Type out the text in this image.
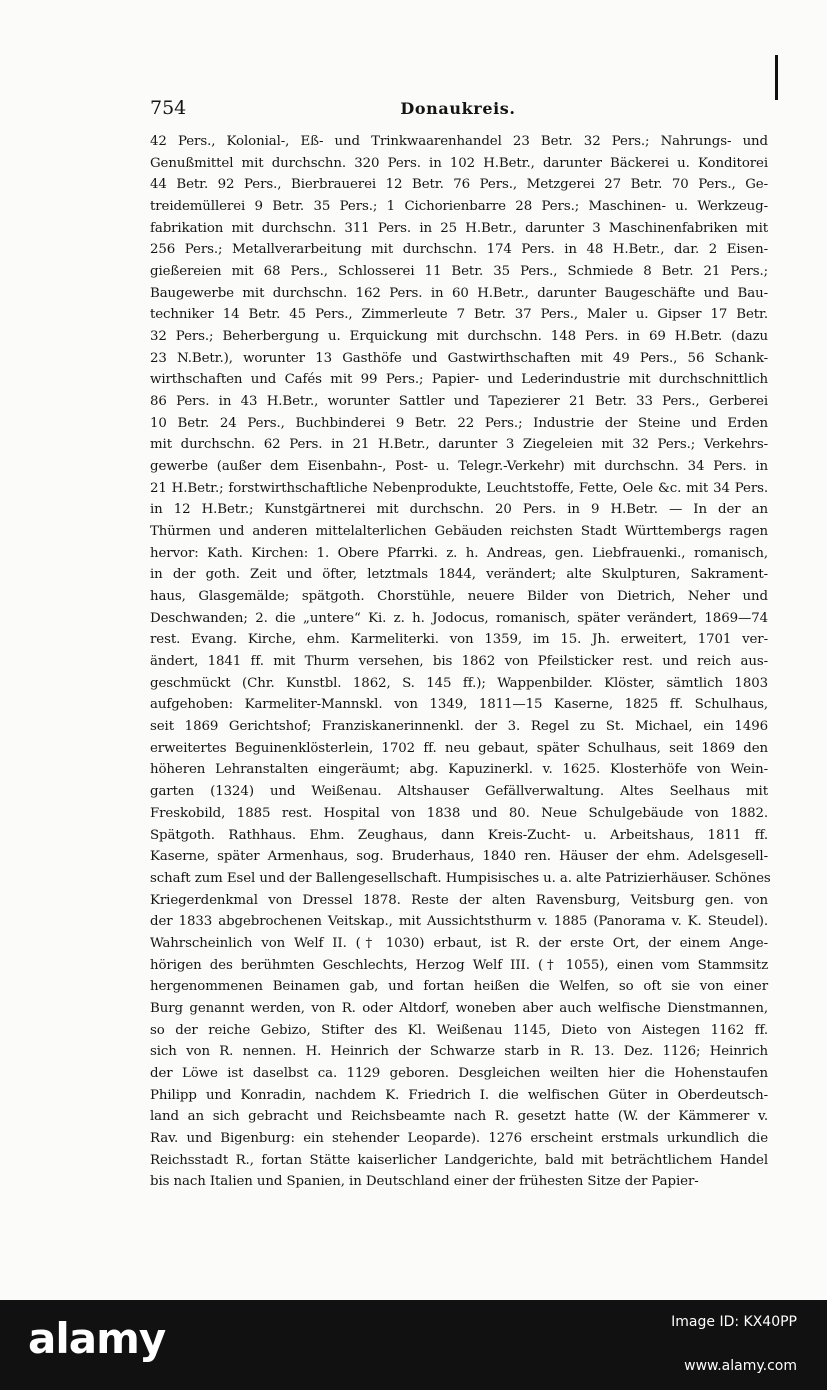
754	Donaukreis.
42 Pers., Kolonial-, Eß- und Trinkwaarenhandel 23 Betr. 32 Pers.; Nahrungs- und
Genußmittel mit durchschn. 320 Pers. in 102 H.Betr., darunter Bäckerei u. Konditorei
44 Betr. 92 Pers., Bierbrauerei 12 Betr. 76 Pers., Metzgerei 27 Betr. 70 Pers., Ge-
treidemüllerei 9 Betr. 35 Pers.; 1 Cichorienbarre 28 Pers.; Maschinen- u. Werkzeug-
fabrikation mit durchschn. 311 Pers. in 25 H.Betr., darunter 3 Maschinenfabriken mit
256 Pers.; Metallverarbeitung mit durchschn. 174 Pers. in 48 H.Betr., dar. 2 Eisen-
gießereien mit 68 Pers., Schlosserei 11 Betr. 35 Pers., Schmiede 8 Betr. 21 Pers.;
Baugewerbe mit durchschn. 162 Pers. in 60 H.Betr., darunter Baugeschäfte und Bau-
techniker 14 Betr. 45 Pers., Zimmerleute 7 Betr. 37 Pers., Maler u. Gipser 17 Betr.
32 Pers.; Beherbergung u. Erquickung mit durchschn. 148 Pers. in 69 H.Betr. (dazu
23 N.Betr.), worunter 13 Gasthöfe und Gastwirthschaften mit 49 Pers., 56 Schank-
wirthschaften und Cafés mit 99 Pers.; Papier- und Lederindustrie mit durchschnittlich
86 Pers. in 43 H.Betr., worunter Sattler und Tapezierer 21 Betr. 33 Pers., Gerberei
10 Betr. 24 Pers., Buchbinderei 9 Betr. 22 Pers.; Industrie der Steine und Erden
mit durchschn. 62 Pers. in 21 H.Betr., darunter 3 Ziegeleien mit 32 Pers.; Verkehrs-
gewerbe (außer dem Eisenbahn-, Post- u. Telegr.-Verkehr) mit durchschn. 34 Pers. in
21 H.Betr.; forstwirthschaftliche Nebenprodukte, Leuchtstoffe, Fette, Oele &c. mit 34 Pers.
in 12 H.Betr.; Kunstgärtnerei mit durchschn. 20 Pers. in 9 H.Betr. — In der an
Thürmen und anderen mittelalterlichen Gebäuden reichsten Stadt Württembergs ragen
hervor: Kath. Kirchen: 1. Obere Pfarrki. z. h. Andreas, gen. Liebfrauenki., romanisch,
in der goth. Zeit und öfter, letztmals 1844, verändert; alte Skulpturen, Sakrament-
haus, Glasgemälde; spätgoth. Chorstühle, neuere Bilder von Dietrich, Neher und
Deschwanden; 2. die „untere“ Ki. z. h. Jodocus, romanisch, später verändert, 1869—74
rest. Evang. Kirche, ehm. Karmeliterki. von 1359, im 15. Jh. erweitert, 1701 ver-
ändert, 1841 ff. mit Thurm versehen, bis 1862 von Pfeilsticker rest. und reich aus-
geschmückt (Chr. Kunstbl. 1862, S. 145 ff.); Wappenbilder. Klöster, sämtlich 1803
aufgehoben: Karmeliter-Mannskl. von 1349, 1811—15 Kaserne, 1825 ff. Schulhaus,
seit 1869 Gerichtshof; Franziskanerinnenkl. der 3. Regel zu St. Michael, ein 1496
erweitertes Beguinenklösterlein, 1702 ff. neu gebaut, später Schulhaus, seit 1869 den
höheren Lehranstalten eingeräumt; abg. Kapuzinerkl. v. 1625. Klosterhöfe von Wein-
garten (1324) und Weißenau. Altshauser Gefällverwaltung. Altes Seelhaus mit
Freskobild, 1885 rest. Hospital von 1838 und 80. Neue Schulgebäude von 1882.
Spätgoth. Rathhaus. Ehm. Zeughaus, dann Kreis-Zucht- u. Arbeitshaus, 1811 ff.
Kaserne, später Armenhaus, sog. Bruderhaus, 1840 ren. Häuser der ehm. Adelsgesell-
schaft zum Esel und der Ballengesellschaft. Humpisisches u. a. alte Patrizierhäuser. Schönes
Kriegerdenkmal von Dressel 1878. Reste der alten Ravensburg, Veitsburg gen. von
der 1833 abgebrochenen Veitskap., mit Aussichtsthurm v. 1885 (Panorama v. K. Steudel).
Wahrscheinlich von Welf II. († 1030) erbaut, ist R. der erste Ort, der einem Ange-
hörigen des berühmten Geschlechts, Herzog Welf III. († 1055), einen vom Stammsitz
hergenommenen Beinamen gab, und fortan heißen die Welfen, so oft sie von einer
Burg genannt werden, von R. oder Altdorf, woneben aber auch welfische Dienstmannen,
so der reiche Gebizo, Stifter des Kl. Weißenau 1145, Dieto von Aistegen 1162 ff.
sich von R. nennen. H. Heinrich der Schwarze starb in R. 13. Dez. 1126; Heinrich
der Löwe ist daselbst ca. 1129 geboren. Desgleichen weilten hier die Hohenstaufen
Philipp und Konradin, nachdem K. Friedrich I. die welfischen Güter in Oberdeutsch-
land an sich gebracht und Reichsbeamte nach R. gesetzt hatte (W. der Kämmerer v.
Rav. und Bigenburg: ein stehender Leoparde). 1276 erscheint erstmals urkundlich die
Reichsstadt R., fortan Stätte kaiserlicher Landgerichte, bald mit beträchtlichem Handel
bis nach Italien und Spanien, in Deutschland einer der frühesten Sitze der Papier-
alamy	Image ID: KX40PP
www.alamy.com
